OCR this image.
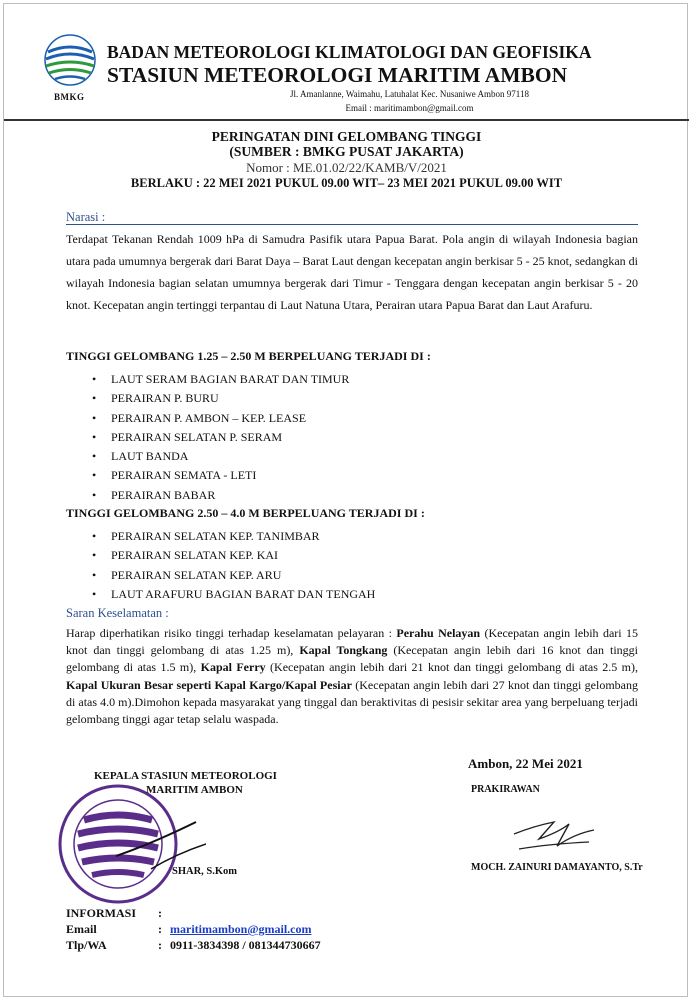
BMKG
BADAN METEOROLOGI KLIMATOLOGI DAN GEOFISIKA
STASIUN METEOROLOGI MARITIM AMBON
Jl. Amanlanne, Waimahu, Latuhalat Kec. Nusaniwe Ambon 97118
Email : maritimambon@gmail.com
PERINGATAN DINI GELOMBANG TINGGI
(SUMBER : BMKG PUSAT JAKARTA)
Nomor : ME.01.02/22/KAMB/V/2021
BERLAKU : 22 MEI 2021 PUKUL 09.00 WIT– 23 MEI 2021 PUKUL 09.00 WIT
Narasi :
Terdapat Tekanan Rendah 1009 hPa di Samudra Pasifik utara Papua Barat. Pola angin di wilayah Indonesia bagian utara pada umumnya bergerak dari Barat Daya – Barat Laut dengan kecepatan angin berkisar 5 - 25 knot, sedangkan di wilayah Indonesia bagian selatan umumnya bergerak dari Timur - Tenggara dengan kecepatan angin berkisar 5 - 20 knot. Kecepatan angin tertinggi terpantau di Laut Natuna Utara, Perairan utara Papua Barat dan Laut Arafuru.
TINGGI GELOMBANG 1.25 – 2.50 M BERPELUANG TERJADI DI :
• LAUT SERAM BAGIAN BARAT DAN TIMUR
• PERAIRAN P. BURU
• PERAIRAN P. AMBON – KEP. LEASE
• PERAIRAN SELATAN P. SERAM
• LAUT BANDA
• PERAIRAN SEMATA - LETI
• PERAIRAN BABAR
TINGGI GELOMBANG 2.50 – 4.0 M BERPELUANG TERJADI DI :
• PERAIRAN SELATAN KEP. TANIMBAR
• PERAIRAN SELATAN KEP. KAI
• PERAIRAN SELATAN KEP. ARU
• LAUT ARAFURU BAGIAN BARAT DAN TENGAH
Saran Keselamatan :
Harap diperhatikan risiko tinggi terhadap keselamatan pelayaran : Perahu Nelayan (Kecepatan angin lebih dari 15 knot dan tinggi gelombang di atas 1.25 m), Kapal Tongkang (Kecepatan angin lebih dari 16 knot dan tinggi gelombang di atas 1.5 m), Kapal Ferry (Kecepatan angin lebih dari 21 knot dan tinggi gelombang di atas 2.5 m), Kapal Ukuran Besar seperti Kapal Kargo/Kapal Pesiar (Kecepatan angin lebih dari 27 knot dan tinggi gelombang di atas 4.0 m).Dimohon kepada masyarakat yang tinggal dan beraktivitas di pesisir sekitar area yang berpeluang terjadi gelombang tinggi agar tetap selalu waspada.
KEPALA STASIUN METEOROLOGI
MARITIM AMBON
SHAR, S.Kom
Ambon, 22 Mei 2021
PRAKIRAWAN
MOCH. ZAINURI DAMAYANTO, S.Tr
INFORMASI :
Email	: maritimambon@gmail.com
Tlp/WA	: 0911-3834398 / 081344730667
